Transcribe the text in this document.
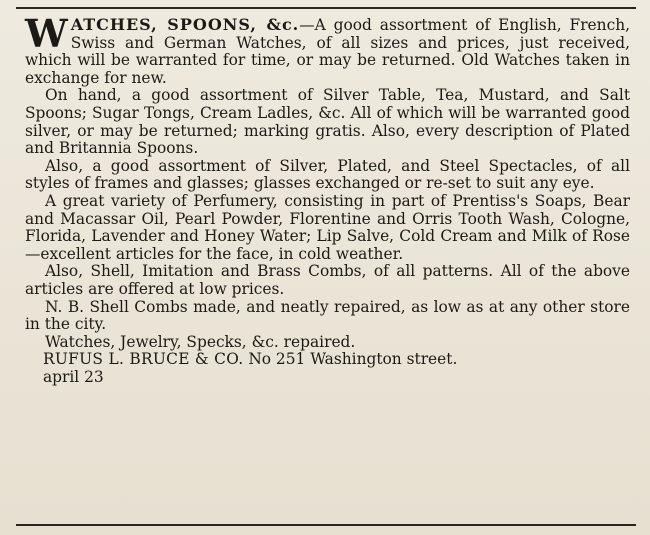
WATCHES, SPOONS, &c.—A good assortment of English, French, Swiss and German Watches, of all sizes and prices, just received, which will be warranted for time, or may be returned. Old Watches taken in exchange for new.

On hand, a good assortment of Silver Table, Tea, Mustard, and Salt Spoons; Sugar Tongs, Cream Ladles, &c. All of which will be warranted good silver, or may be returned; marking gratis. Also, every description of Plated and Britannia Spoons.

Also, a good assortment of Silver, Plated, and Steel Spectacles, of all styles of frames and glasses; glasses exchanged or re-set to suit any eye.

A great variety of Perfumery, consisting in part of Prentiss's Soaps, Bear and Macassar Oil, Pearl Powder, Florentine and Orris Tooth Wash, Cologne, Florida, Lavender and Honey Water; Lip Salve, Cold Cream and Milk of Rose—excellent articles for the face, in cold weather.

Also, Shell, Imitation and Brass Combs, of all patterns. All of the above articles are offered at low prices.

N. B. Shell Combs made, and neatly repaired, as low as at any other store in the city.

Watches, Jewelry, Specks, &c. repaired.

RUFUS L. BRUCE & CO. No 251 Washington street.

april 23
